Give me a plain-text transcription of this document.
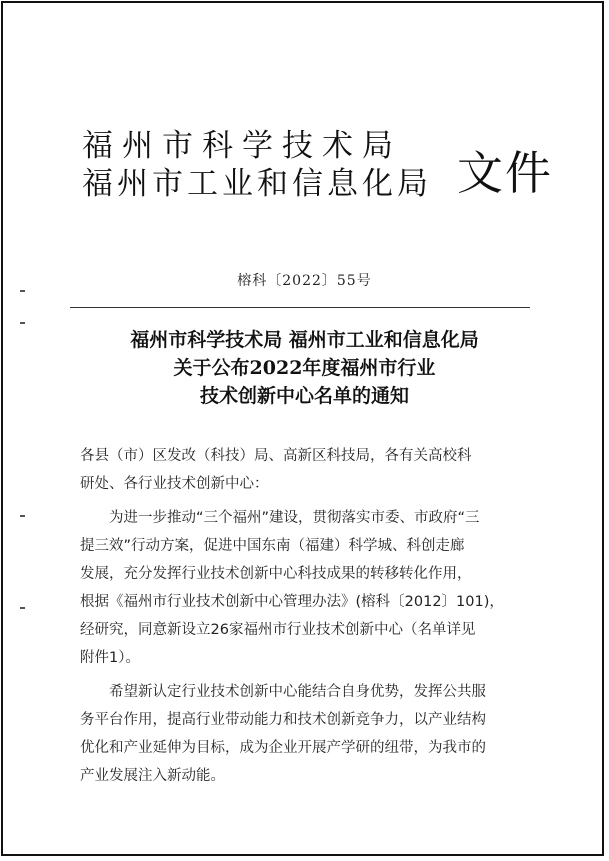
福州市科学技术局
福州市工业和信息化局 文件
榕科〔2022〕55号
福州市科学技术局 福州市工业和信息化局
关于公布2022年度福州市行业
技术创新中心名单的通知

各县（市）区发改（科技）局、高新区科技局，各有关高校科
研处、各行业技术创新中心：

为进一步推动“三个福州”建设，贯彻落实市委、市政府“三
提三效”行动方案，促进中国东南（福建）科学城、科创走廊
发展，充分发挥行业技术创新中心科技成果的转移转化作用，
根据《福州市行业技术创新中心管理办法》(榕科〔2012〕101)，
经研究，同意新设立26家福州市行业技术创新中心（名单详见
附件1）。

希望新认定行业技术创新中心能结合自身优势，发挥公共服
务平台作用，提高行业带动能力和技术创新竞争力，以产业结构
优化和产业延伸为目标，成为企业开展产学研的纽带，为我市的
产业发展注入新动能。
